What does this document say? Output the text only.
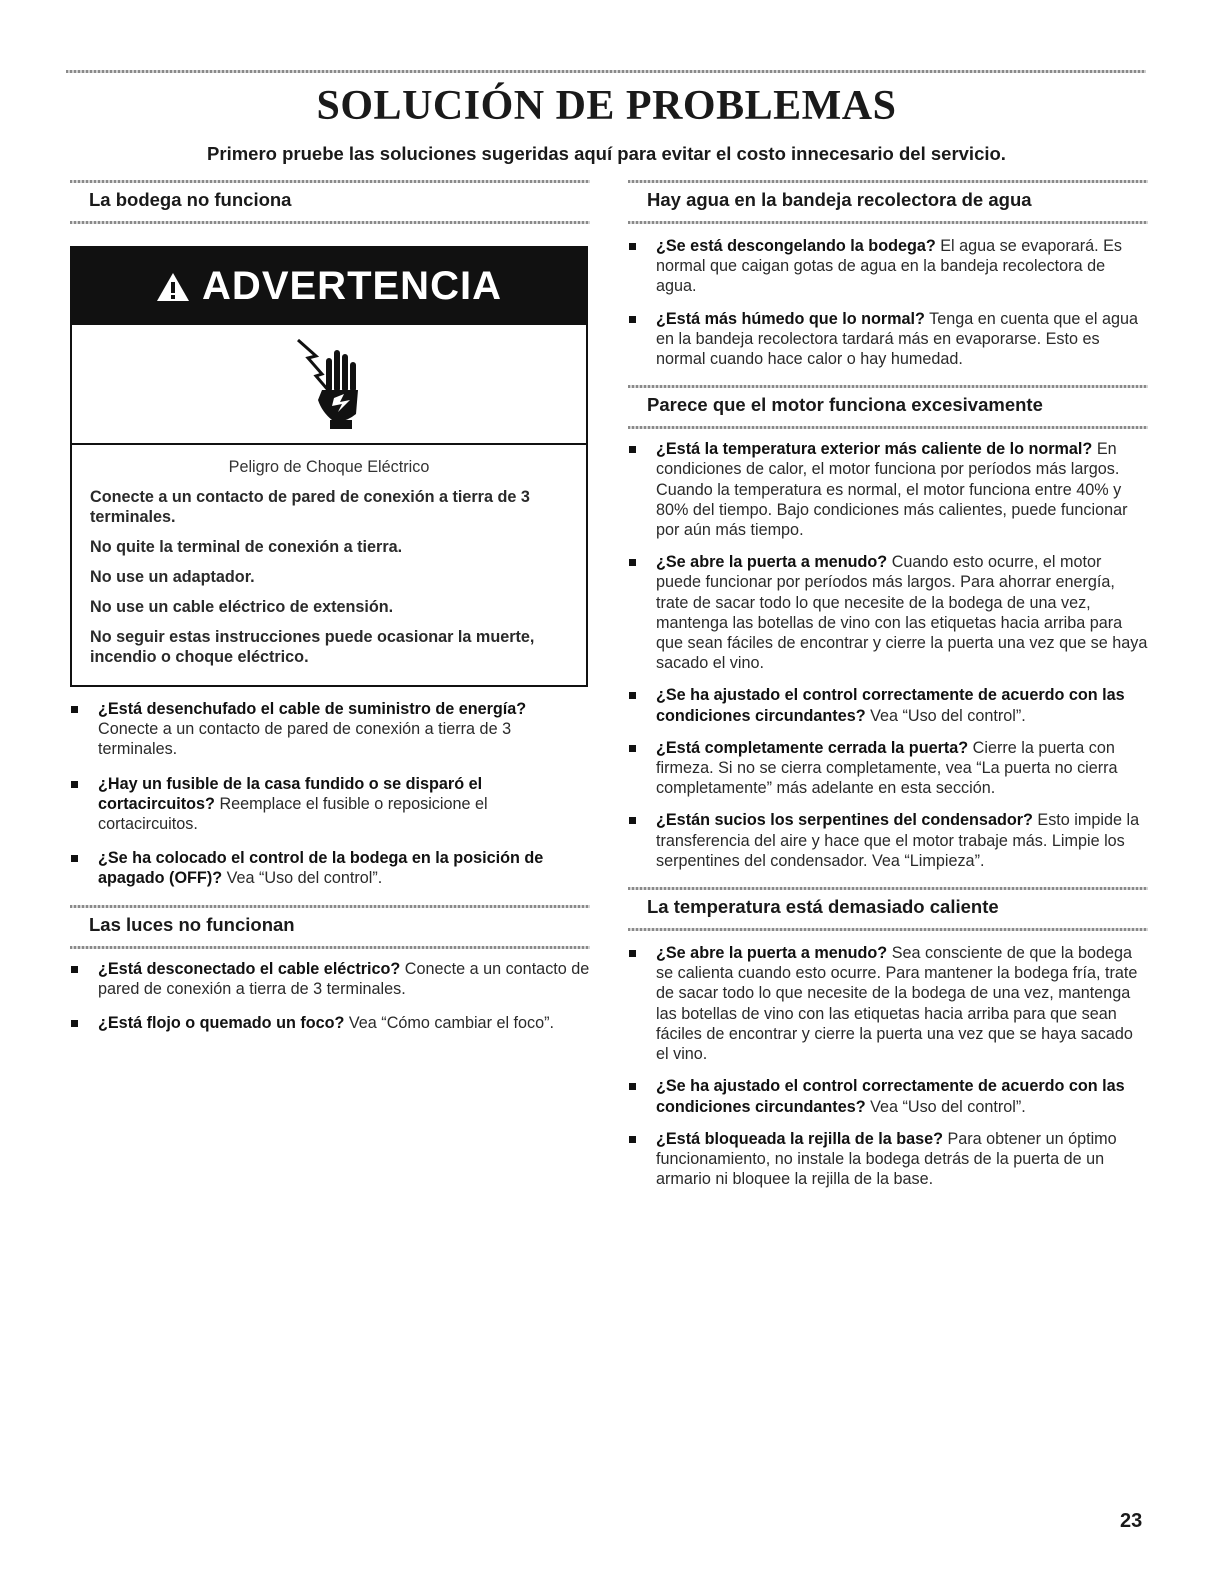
SOLUCIÓN DE PROBLEMAS

Primero pruebe las soluciones sugeridas aquí para evitar el costo innecesario del servicio.

La bodega no funciona
ADVERTENCIA

Peligro de Choque Eléctrico

Conecte a un contacto de pared de conexión a tierra de 3 terminales.

No quite la terminal de conexión a tierra.

No use un adaptador.

No use un cable eléctrico de extensión.

No seguir estas instrucciones puede ocasionar la muerte, incendio o choque eléctrico.

¿Está desenchufado el cable de suministro de energía?
Conecte a un contacto de pared de conexión a tierra de 3 terminales.
¿Hay un fusible de la casa fundido o se disparó el cortacircuitos? Reemplace el fusible o reposicione el cortacircuitos.
¿Se ha colocado el control de la bodega en la posición de apagado (OFF)? Vea “Uso del control”.
Las luces no funcionan
¿Está desconectado el cable eléctrico? Conecte a un contacto de pared de conexión a tierra de 3 terminales.
¿Está flojo o quemado un foco? Vea “Cómo cambiar el foco”.
Hay agua en la bandeja recolectora de agua
¿Se está descongelando la bodega? El agua se evaporará. Es normal que caigan gotas de agua en la bandeja recolectora de agua.
¿Está más húmedo que lo normal? Tenga en cuenta que el agua en la bandeja recolectora tardará más en evaporarse. Esto es normal cuando hace calor o hay humedad.
Parece que el motor funciona excesivamente
¿Está la temperatura exterior más caliente de lo normal? En condiciones de calor, el motor funciona por períodos más largos. Cuando la temperatura es normal, el motor funciona entre 40% y 80% del tiempo. Bajo condiciones más calientes, puede funcionar por aún más tiempo.
¿Se abre la puerta a menudo? Cuando esto ocurre, el motor puede funcionar por períodos más largos. Para ahorrar energía, trate de sacar todo lo que necesite de la bodega de una vez, mantenga las botellas de vino con las etiquetas hacia arriba para que sean fáciles de encontrar y cierre la puerta una vez que se haya sacado el vino.
¿Se ha ajustado el control correctamente de acuerdo con las condiciones circundantes? Vea “Uso del control”.
¿Está completamente cerrada la puerta? Cierre la puerta con firmeza. Si no se cierra completamente, vea “La puerta no cierra completamente” más adelante en esta sección.
¿Están sucios los serpentines del condensador? Esto impide la transferencia del aire y hace que el motor trabaje más. Limpie los serpentines del condensador. Vea “Limpieza”.
La temperatura está demasiado caliente
¿Se abre la puerta a menudo? Sea consciente de que la bodega se calienta cuando esto ocurre. Para mantener la bodega fría, trate de sacar todo lo que necesite de la bodega de una vez, mantenga las botellas de vino con las etiquetas hacia arriba para que sean fáciles de encontrar y cierre la puerta una vez que se haya sacado el vino.
¿Se ha ajustado el control correctamente de acuerdo con las condiciones circundantes? Vea “Uso del control”.
¿Está bloqueada la rejilla de la base? Para obtener un óptimo funcionamiento, no instale la bodega detrás de la puerta de un armario ni bloquee la rejilla de la base.
23
